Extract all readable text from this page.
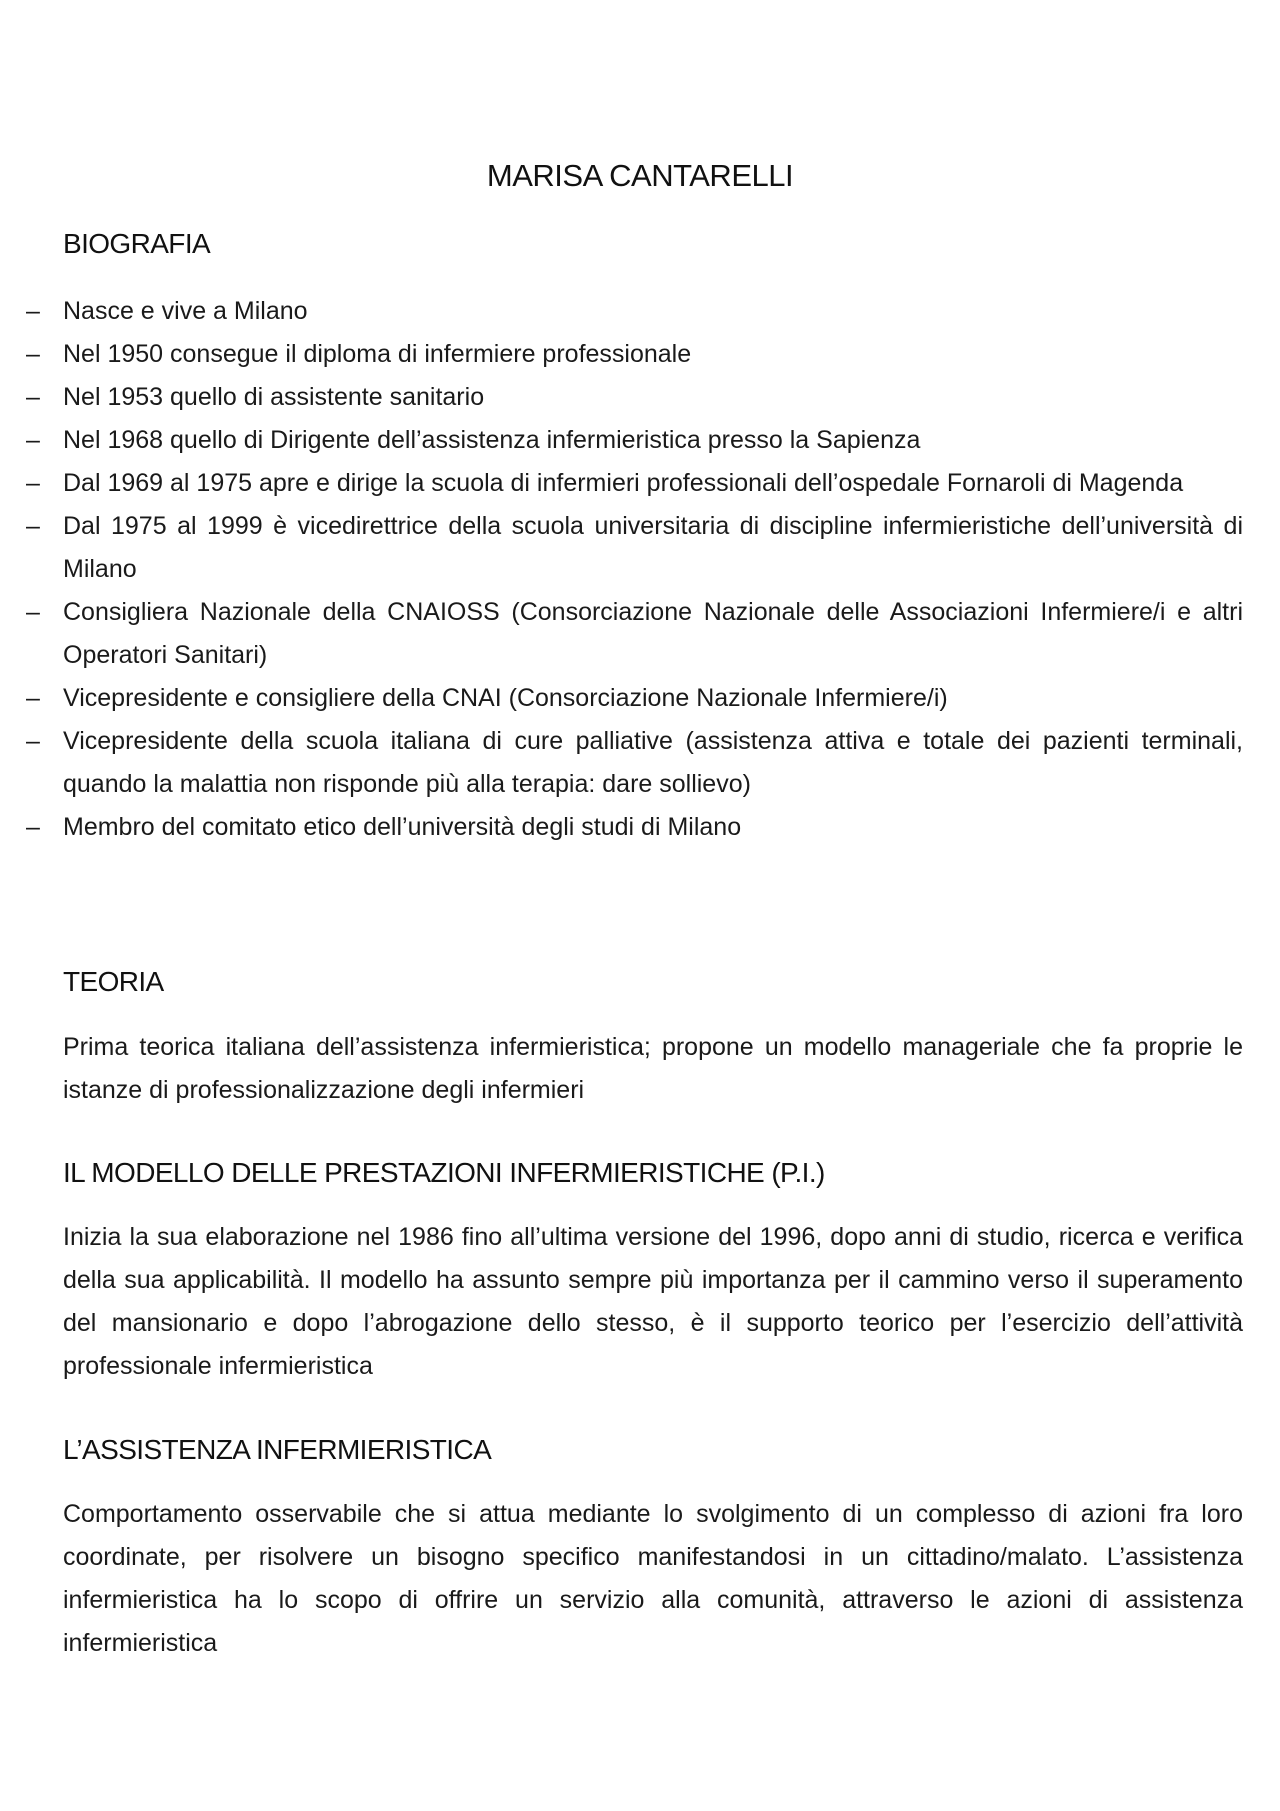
MARISA CANTARELLI
BIOGRAFIA
– Nasce e vive a Milano
– Nel 1950 consegue il diploma di infermiere professionale
– Nel 1953 quello di assistente sanitario
– Nel 1968 quello di Dirigente dell’assistenza infermieristica presso la Sapienza
– Dal 1969 al 1975 apre e dirige la scuola di infermieri professionali dell’ospedale Fornaroli di Magenda
– Dal 1975 al 1999 è vicedirettrice della scuola universitaria di discipline infermieristiche dell’università di Milano
– Consigliera Nazionale della CNAIOSS (Consorciazione Nazionale delle Associazioni Infermiere/i e altri Operatori Sanitari)
– Vicepresidente e consigliere della CNAI (Consorciazione Nazionale Infermiere/i)
– Vicepresidente della scuola italiana di cure palliative (assistenza attiva e totale dei pazienti terminali, quando la malattia non risponde più alla terapia: dare sollievo)
– Membro del comitato etico dell’università degli studi di Milano
TEORIA

Prima teorica italiana dell’assistenza infermieristica; propone un modello manageriale che fa proprie le istanze di professionalizzazione degli infermieri

IL MODELLO DELLE PRESTAZIONI INFERMIERISTICHE (P.I.)

Inizia la sua elaborazione nel 1986 fino all’ultima versione del 1996, dopo anni di studio, ricerca e verifica della sua applicabilità. Il modello ha assunto sempre più importanza per il cammino verso il superamento del mansionario e dopo l’abrogazione dello stesso, è il supporto teorico per l’esercizio dell’attività professionale infermieristica

L’ASSISTENZA INFERMIERISTICA

Comportamento osservabile che si attua mediante lo svolgimento di un complesso di azioni fra loro coordinate, per risolvere un bisogno specifico manifestandosi in un cittadino/malato. L’assistenza infermieristica ha lo scopo di offrire un servizio alla comunità, attraverso le azioni di assistenza infermieristica
